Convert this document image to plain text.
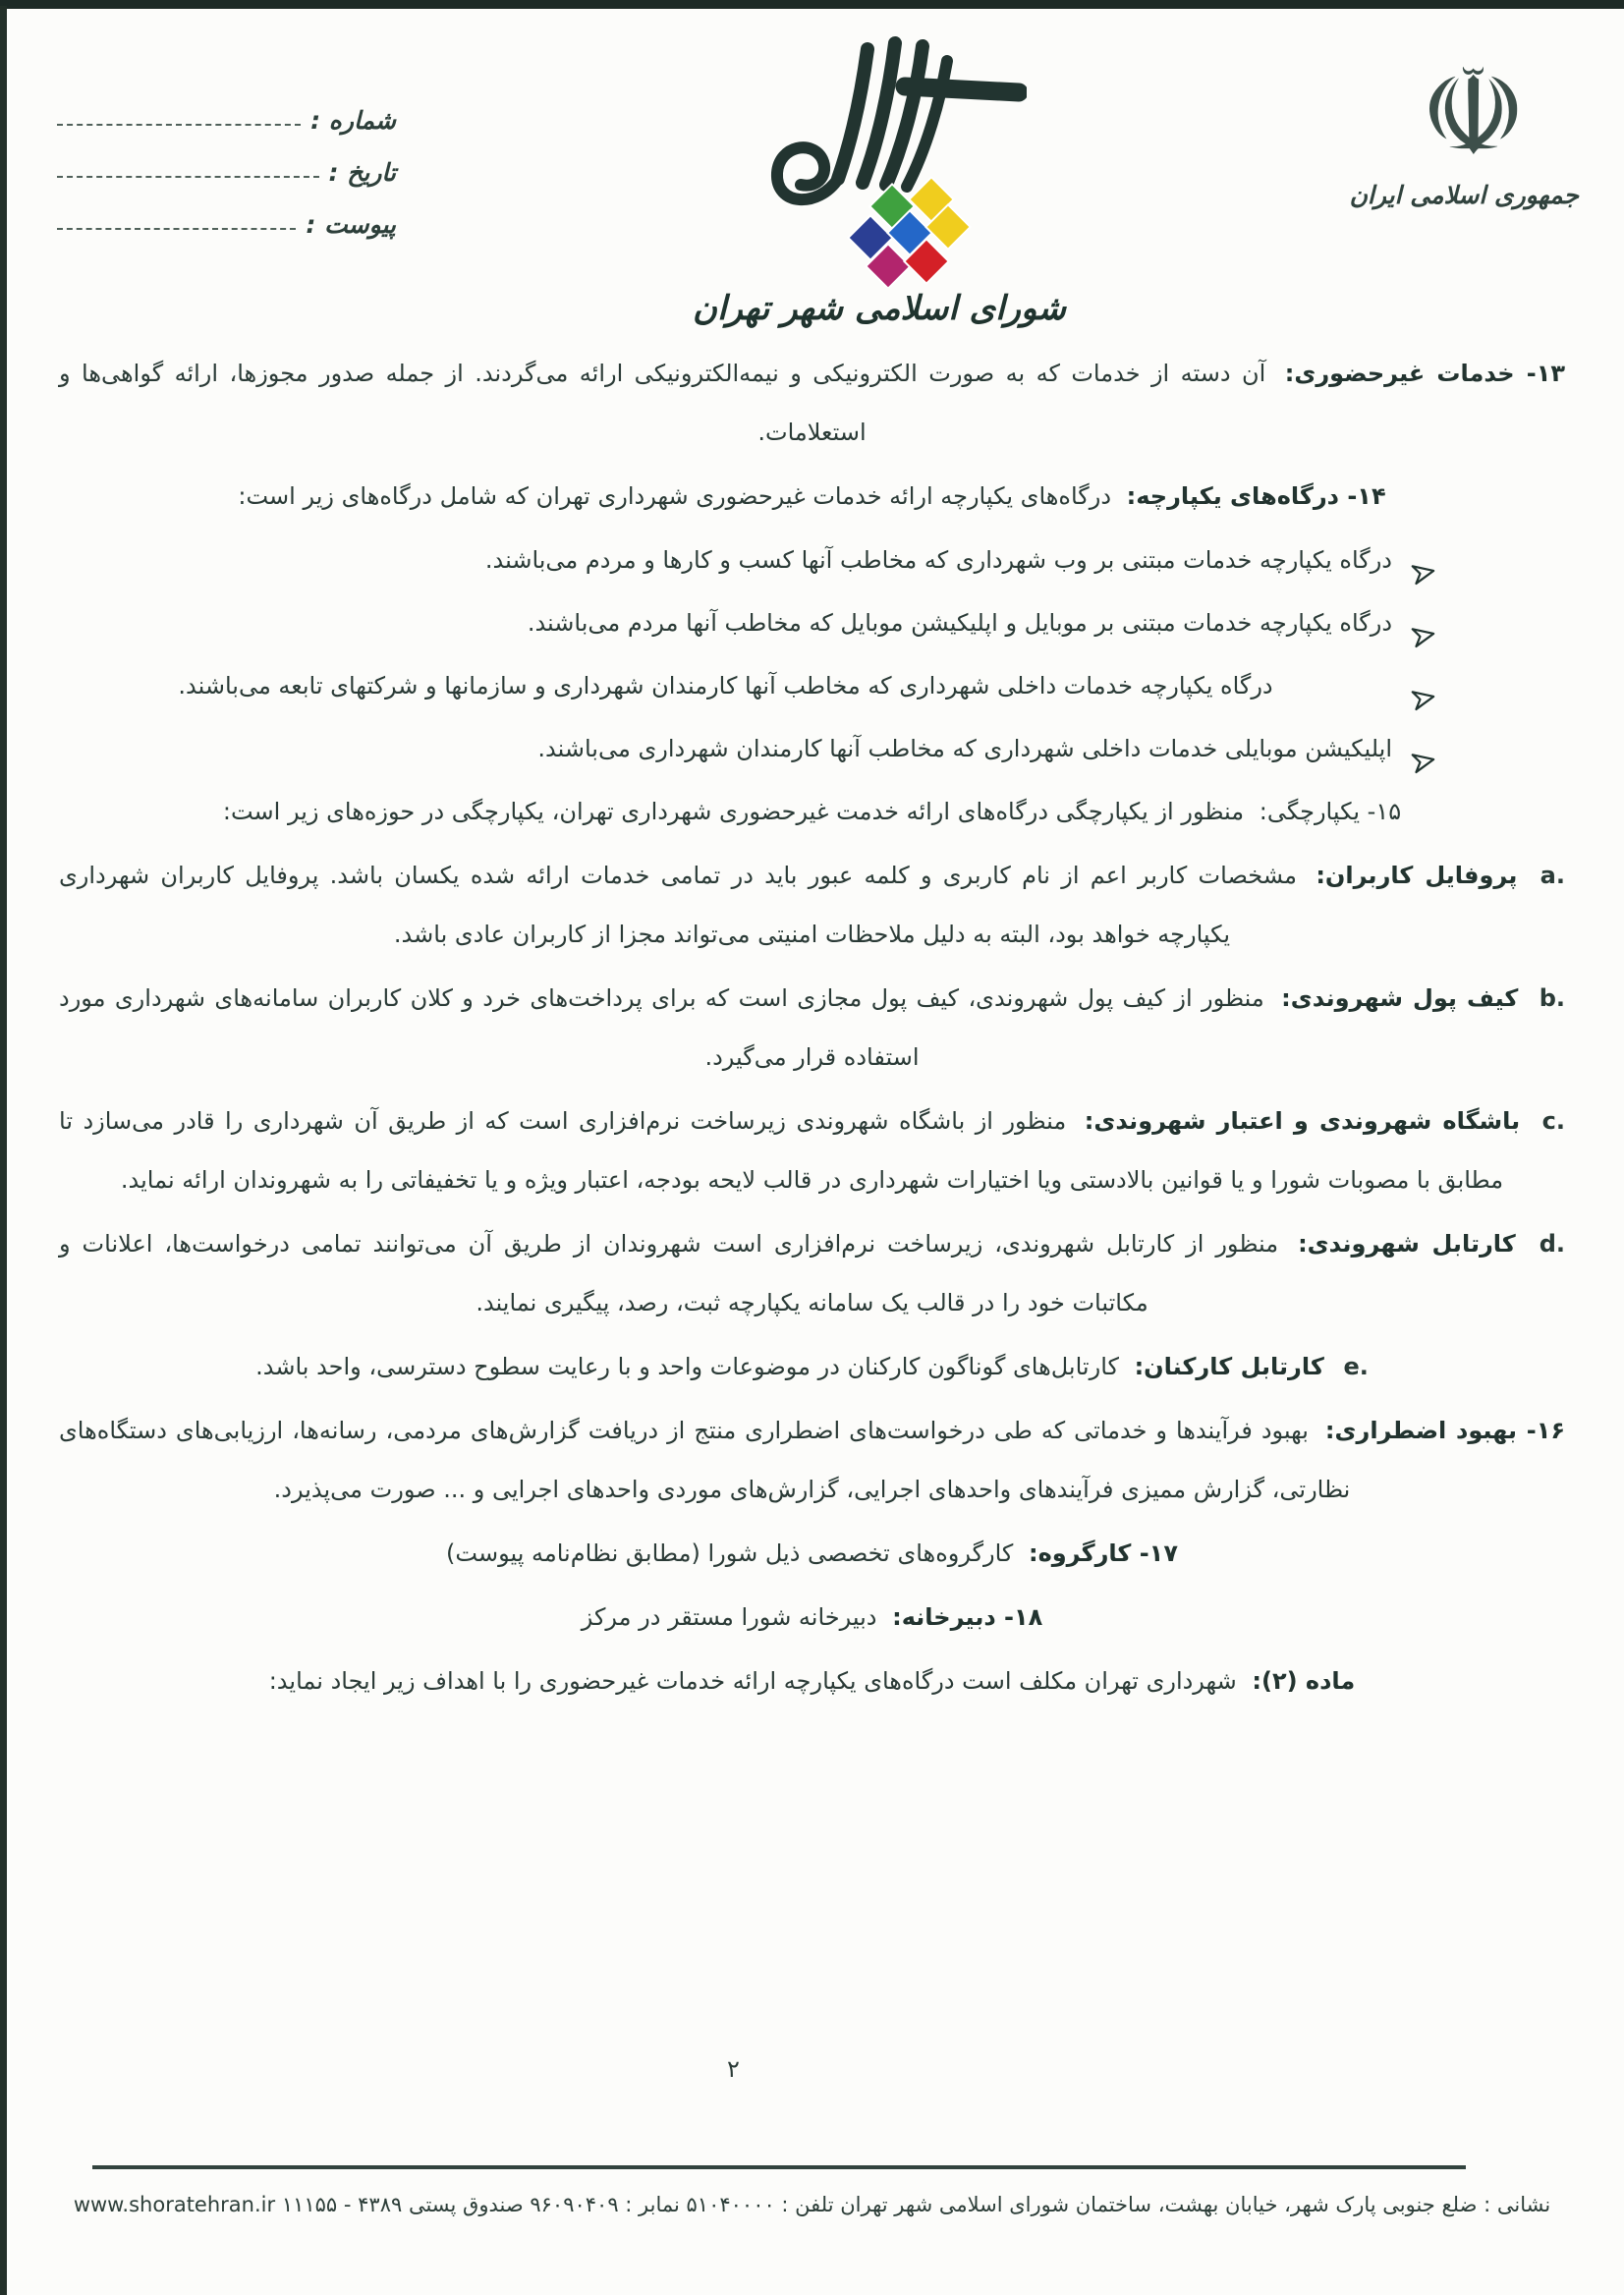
شماره :
تاریخ :
پیوست :
شورای اسلامی شهر تهران
☫
جمهوری اسلامی ایران

۱۳- خدمات غیرحضوری: آن دسته از خدمات که به صورت الکترونیکی و نیمه‌الکترونیکی ارائه می‌گردند. از جمله صدور مجوزها، ارائه گواهی‌ها و استعلامات.

۱۴- درگاه‌های یکپارچه: درگاه‌های یکپارچه ارائه خدمات غیرحضوری شهرداری تهران که شامل درگاه‌های زیر است:

درگاه یکپارچه خدمات مبتنی بر وب شهرداری که مخاطب آنها کسب و کارها و مردم می‌باشند.
درگاه یکپارچه خدمات مبتنی بر موبایل و اپلیکیشن موبایل که مخاطب آنها مردم می‌باشند.
درگاه یکپارچه خدمات داخلی شهرداری که مخاطب آنها کارمندان شهرداری و سازمانها و شرکتهای تابعه می‌باشند.
اپلیکیشن موبایلی خدمات داخلی شهرداری که مخاطب آنها کارمندان شهرداری می‌باشند.

۱۵- یکپارچگی: منظور از یکپارچگی درگاه‌های ارائه خدمت غیرحضوری شهرداری تهران، یکپارچگی در حوزه‌های زیر است:

a. پروفایل کاربران: مشخصات کاربر اعم از نام کاربری و کلمه عبور باید در تمامی خدمات ارائه شده یکسان باشد. پروفایل کاربران شهرداری یکپارچه خواهد بود، البته به دلیل ملاحظات امنیتی می‌تواند مجزا از کاربران عادی باشد.

b. کیف پول شهروندی: منظور از کیف پول شهروندی، کیف پول مجازی است که برای پرداخت‌های خرد و کلان کاربران سامانه‌های شهرداری مورد استفاده قرار می‌گیرد.

c. باشگاه شهروندی و اعتبار شهروندی: منظور از باشگاه شهروندی زیرساخت نرم‌افزاری است که از طریق آن شهرداری را قادر می‌سازد تا مطابق با مصوبات شورا و یا قوانین بالادستی ویا اختیارات شهرداری در قالب لایحه بودجه، اعتبار ویژه و یا تخفیفاتی را به شهروندان ارائه نماید.

d. کارتابل شهروندی: منظور از کارتابل شهروندی، زیرساخت نرم‌افزاری است شهروندان از طریق آن می‌توانند تمامی درخواست‌ها، اعلانات و مکاتبات خود را در قالب یک سامانه یکپارچه ثبت، رصد، پیگیری نمایند.

e. کارتابل کارکنان: کارتابل‌های گوناگون کارکنان در موضوعات واحد و با رعایت سطوح دسترسی، واحد باشد.

۱۶- بهبود اضطراری: بهبود فرآیندها و خدماتی که طی درخواست‌های اضطراری منتج از دریافت گزارش‌های مردمی، رسانه‌ها، ارزیابی‌های دستگاه‌های نظارتی، گزارش ممیزی فرآیندهای واحدهای اجرایی، گزارش‌های موردی واحدهای اجرایی و ... صورت می‌پذیرد.

۱۷- کارگروه: کارگروه‌های تخصصی ذیل شورا (مطابق نظام‌نامه پیوست)

۱۸- دبیرخانه: دبیرخانه شورا مستقر در مرکز

ماده (۲): شهرداری تهران مکلف است درگاه‌های یکپارچه ارائه خدمات غیرحضوری را با اهداف زیر ایجاد نماید:

۲
نشانی : ضلع جنوبی پارک شهر، خیابان بهشت، ساختمان شورای اسلامی شهر تهران تلفن : ۵۱۰۴۰۰۰۰ نمابر : ۹۶۰۹۰۴۰۹ صندوق پستی ۴۳۸۹ - ۱۱۱۵۵ www.shoratehran.ir
